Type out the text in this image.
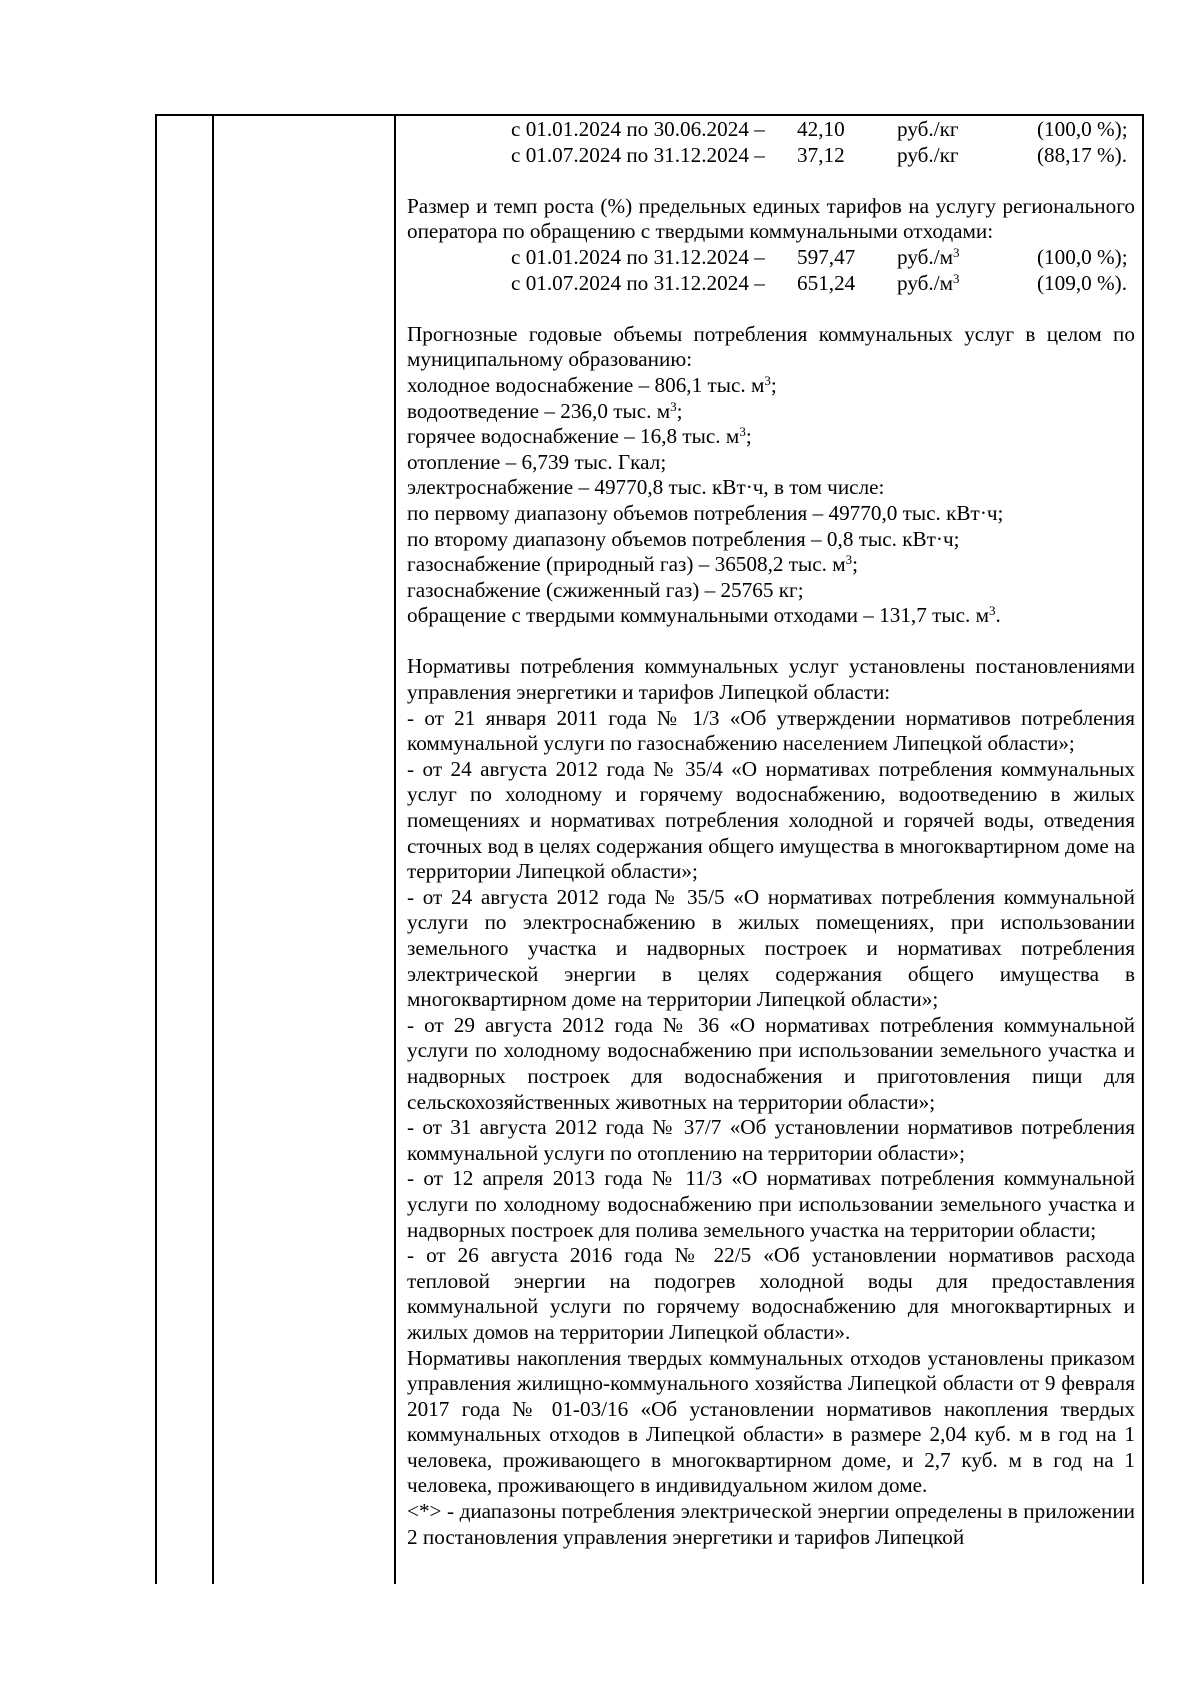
с 01.01.2024 по 30.06.2024 – 42,10 руб./кг	(100,0 %);
с 01.07.2024 по 31.12.2024 – 37,12 руб./кг	(88,17 %).
Размер и темп роста (%) предельных единых тарифов на услугу регионального оператора по обращению с твердыми коммунальными отходами:
с 01.01.2024 по 31.12.2024 – 597,47 $руб./м^3$	(100,0 %);
с 01.07.2024 по 31.12.2024 – 651,24 $руб./м^3$	(109,0 %).
Прогнозные годовые объемы потребления коммунальных услуг в целом по муниципальному образованию:
холодное водоснабжение – 806,1 тыс. $м^3$;
водоотведение – 236,0 тыс. $м^3$;
горячее водоснабжение – 16,8 тыс. $м^3$;
отопление – 6,739 тыс. Гкал;
электроснабжение – 49770,8 тыс. кВт·ч, в том числе:
по первому диапазону объемов потребления – 49770,0 тыс. кВт·ч;
по второму диапазону объемов потребления – 0,8 тыс. кВт·ч;
газоснабжение (природный газ) – 36508,2 тыс. $м^3$;
газоснабжение (сжиженный газ) – 25765 кг;
обращение с твердыми коммунальными отходами – 131,7 тыс. $м^3$.
Нормативы потребления коммунальных услуг установлены постановлениями управления энергетики и тарифов Липецкой области:
- от 21 января 2011 года № 1/3 «Об утверждении нормативов потребления коммунальной услуги по газоснабжению населением Липецкой области»;
- от 24 августа 2012 года № 35/4 «О нормативах потребления коммунальных услуг по холодному и горячему водоснабжению, водоотведению в жилых помещениях и нормативах потребления холодной и горячей воды, отведения сточных вод в целях содержания общего имущества в многоквартирном доме на территории Липецкой области»;
- от 24 августа 2012 года № 35/5 «О нормативах потребления коммунальной услуги по электроснабжению в жилых помещениях, при использовании земельного участка и надворных построек и нормативах потребления электрической энергии в целях содержания общего имущества в многоквартирном доме на территории Липецкой области»;
- от 29 августа 2012 года № 36 «О нормативах потребления коммунальной услуги по холодному водоснабжению при использовании земельного участка и надворных построек для водоснабжения и приготовления пищи для сельскохозяйственных животных на территории области»;
- от 31 августа 2012 года № 37/7 «Об установлении нормативов потребления коммунальной услуги по отоплению на территории области»;
- от 12 апреля 2013 года № 11/3 «О нормативах потребления коммунальной услуги по холодному водоснабжению при использовании земельного участка и надворных построек для полива земельного участка на территории области;
- от 26 августа 2016 года № 22/5 «Об установлении нормативов расхода тепловой энергии на подогрев холодной воды для предоставления коммунальной услуги по горячему водоснабжению для многоквартирных и жилых домов на территории Липецкой области».
Нормативы накопления твердых коммунальных отходов установлены приказом управления жилищно-коммунального хозяйства Липецкой области от 9 февраля 2017 года № 01-03/16 «Об установлении нормативов накопления твердых коммунальных отходов в Липецкой области» в размере 2,04 куб. м в год на 1 человека, проживающего в многоквартирном доме, и 2,7 куб. м в год на 1 человека, проживающего в индивидуальном жилом доме.
<*> - диапазоны потребления электрической энергии определены в приложении 2 постановления управления энергетики и тарифов Липецкой
